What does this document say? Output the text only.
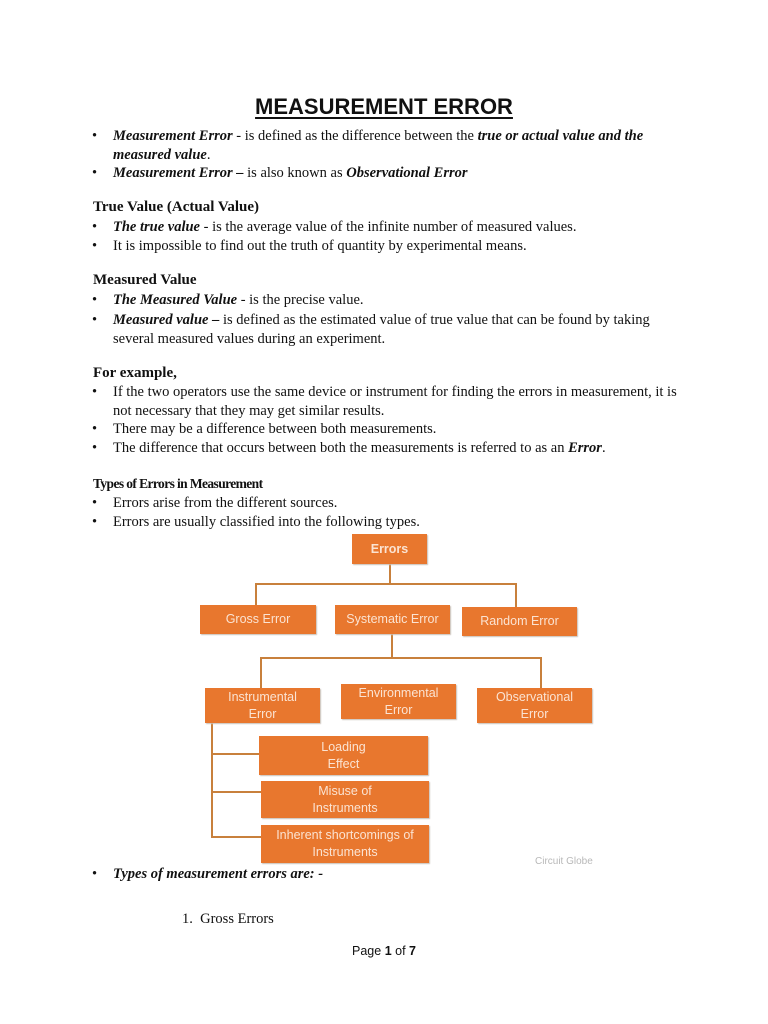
MEASUREMENT ERROR
• Measurement Error - is defined as the difference between the true or actual value and the measured value.
• Measurement Error – is also known as Observational Error
True Value (Actual Value)
• The true value - is the average value of the infinite number of measured values.
• It is impossible to find out the truth of quantity by experimental means.
Measured Value
• The Measured Value - is the precise value.
• Measured value – is defined as the estimated value of true value that can be found by taking several measured values during an experiment.
For example,
• If the two operators use the same device or instrument for finding the errors in measurement, it is not necessary that they may get similar results.
• There may be a difference between both measurements.
• The difference that occurs between both the measurements is referred to as an Error.
Types of Errors in Measurement
• Errors arise from the different sources.
• Errors are usually classified into the following types.
Errors
Gross Error	Systematic Error	Random Error
Instrumental Error
Environmental Error
Observational Error
Loading Effect
Misuse of Instruments
Inherent shortcomings of Instruments
Circuit Globe
• Types of measurement errors are: -
1. Gross Errors
Page 1 of 7
